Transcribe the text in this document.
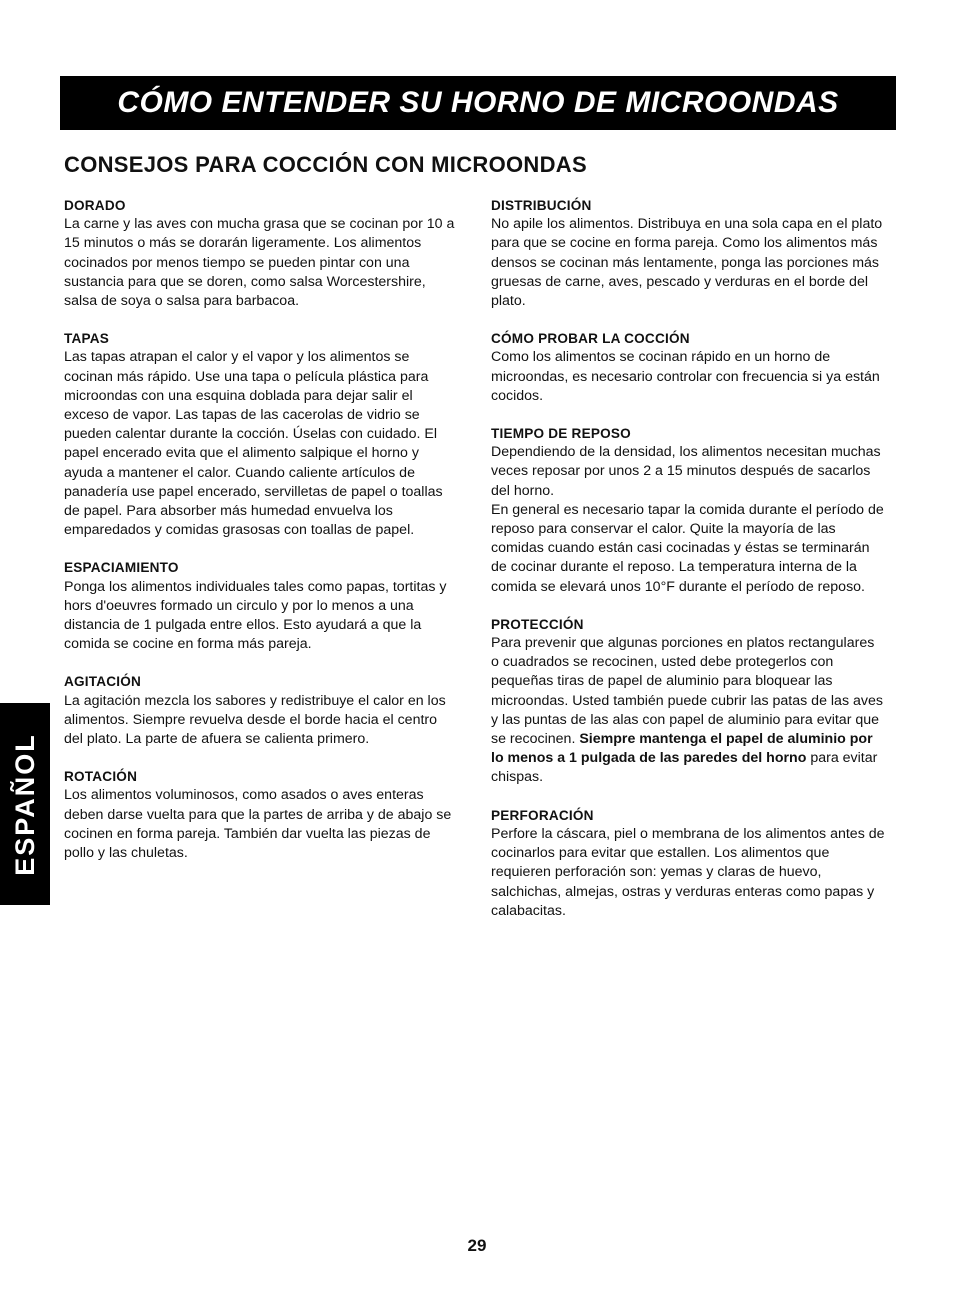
CÓMO ENTENDER SU HORNO DE MICROONDAS
CONSEJOS PARA COCCIÓN CON MICROONDAS
DORADO

La carne y las aves con mucha grasa que se cocinan por 10 a 15 minutos o más se dorarán ligeramente. Los alimentos cocinados por menos tiempo se pueden pintar con una sustancia para que se doren, como salsa Worcestershire, salsa de soya o salsa para barbacoa.

TAPAS

Las tapas atrapan el calor y el vapor y los alimentos se cocinan más rápido. Use una tapa o película plástica para microondas con una esquina doblada para dejar salir el exceso de vapor. Las tapas de las cacerolas de vidrio se pueden calentar durante la cocción. Úselas con cuidado. El papel encerado evita que el alimento salpique el horno y ayuda a mantener el calor. Cuando caliente artículos de panadería use papel encerado, servilletas de papel o toallas de papel. Para absorber más humedad envuelva los emparedados y comidas grasosas con toallas de papel.

ESPACIAMIENTO

Ponga los alimentos individuales tales como papas, tortitas y hors d'oeuvres formado un circulo y por lo menos a una distancia de 1 pulgada entre ellos. Esto ayudará a que la comida se cocine en forma más pareja.

AGITACIÓN

La agitación mezcla los sabores y redistribuye el calor en los alimentos. Siempre revuelva desde el borde hacia el centro del plato. La parte de afuera se calienta primero.

ROTACIÓN

Los alimentos voluminosos, como asados o aves enteras deben darse vuelta para que la partes de arriba y de abajo se cocinen en forma pareja. También dar vuelta las piezas de pollo y las chuletas.

DISTRIBUCIÓN

No apile los alimentos. Distribuya en una sola capa en el plato para que se cocine en forma pareja. Como los alimentos más densos se cocinan más lentamente, ponga las porciones más gruesas de carne, aves, pescado y verduras en el borde del plato.

CÓMO PROBAR LA COCCIÓN

Como los alimentos se cocinan rápido en un horno de microondas, es necesario controlar con frecuencia si ya están cocidos.

TIEMPO DE REPOSO

Dependiendo de la densidad, los alimentos necesitan muchas veces reposar por unos 2 a 15 minutos después de sacarlos del horno.

En general es necesario tapar la comida durante el período de reposo para conservar el calor. Quite la mayoría de las comidas cuando están casi cocinadas y éstas se terminarán de cocinar durante el reposo. La temperatura interna de la comida se elevará unos 10°F durante el período de reposo.

PROTECCIÓN

Para prevenir que algunas porciones en platos rectangulares o cuadrados se recocinen, usted debe protegerlos con pequeñas tiras de papel de aluminio para bloquear las microondas. Usted también puede cubrir las patas de las aves y las puntas de las alas con papel de aluminio para evitar que se recocinen. Siempre mantenga el papel de aluminio por lo menos a 1 pulgada de las paredes del horno para evitar chispas.

PERFORACIÓN

Perfore la cáscara, piel o membrana de los alimentos antes de cocinarlos para evitar que estallen. Los alimentos que requieren perforación son: yemas y claras de huevo, salchichas, almejas, ostras y verduras enteras como papas y calabacitas.

ESPAÑOL
29
